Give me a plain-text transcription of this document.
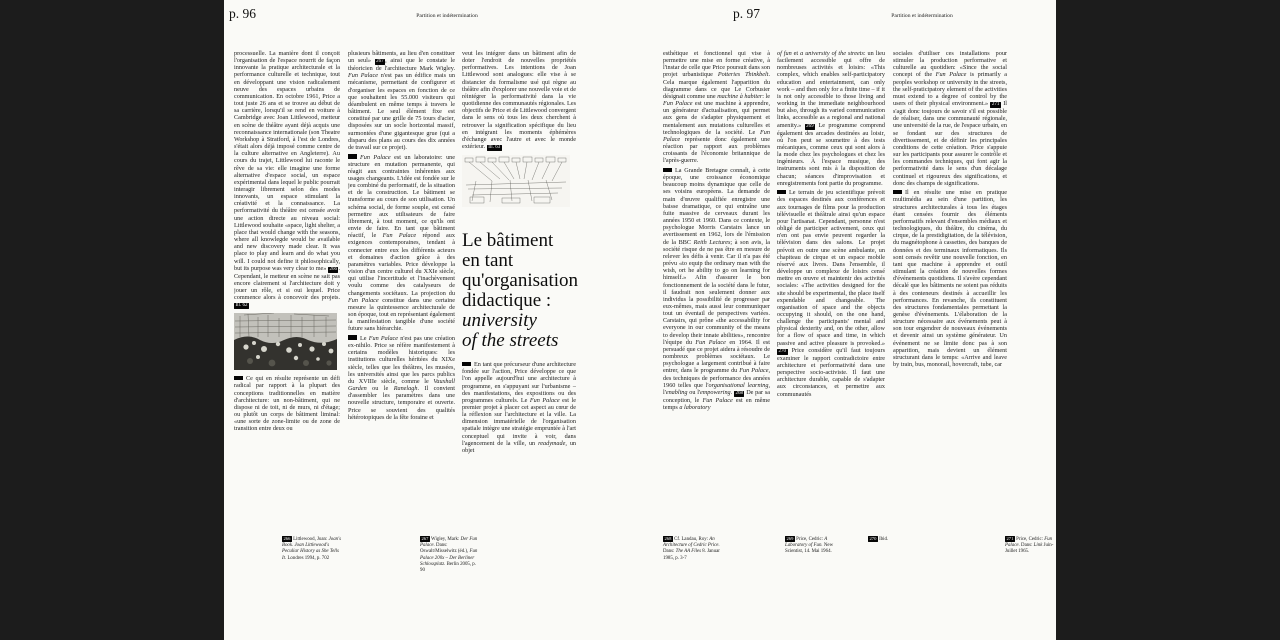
p. 96	Partition et indétermination
processuelle. La manière dont il conçoit l'organisation de l'espace nourrit de façon innovante la pratique architecturale et la performance culturelle et technique, tout en développant une vision radicalement neuve des espaces urbains de communication. En octobre 1961, Price a tout juste 26 ans et se trouve au début de sa carrière, lorsqu'il se rend en voiture à Cambridge avec Joan Littlewood, metteur en scène de théâtre ayant déjà acquis une reconnaissance internationale (son Theatre Workshop à Stratford, à l'est de Londres, s'était alors déjà imposé comme centre de la culture alternative en Angleterre). Au cours du trajet, Littlewood lui raconte le rêve de sa vie: elle imagine une forme alternative d'espace social, un espace expérimental dans lequel le public pourrait interagir librement selon des modes innovants, un espace stimulant la créativité et la connaissance. La performativité du théâtre est censée avoir une action directe au niveau social: Littlewood souhaite «space, light shelter, a place that would change with the seasons, where all knowlegde would be available and new discovery made clear. It was place to play and learn and do what you will. I could not define it philosophically, but its purpose was very clear to me» 266 . Cependant, le metteur en scène ne sait pas encore clairement si l'architecture doit y jouer un rôle, et si oui lequel. Price commence alors à concevoir des projets. Ill. 62
Ce qui en résulte représente un défi radical par rapport à la plupart des conceptions traditionnelles en matière d'architecture: un non-bâtiment, qui ne dispose ni de toit, ni de murs, ni d'étage; ou plutôt un corps de bâtiment liminal: «une sorte de zone-limite ou de zone de transition entre deux ou
plusieurs bâtiments, au lieu d'en constituer un seul» 267 , ainsi que le constate le théoricien de l'architecture Mark Wigley. Fun Palace n'est pas un édifice mais un mécanisme, permettant de configurer et d'organiser les espaces en fonction de ce que souhaitent les 55.000 visiteurs qui déambulent en même temps à travers le bâtiment. Le seul élément fixe est constitué par une grille de 75 tours d'acier, disposées sur un socle horizontal massif, surmontées d'une gigantesque grue (qui a disparu des plans au cours des dix années de travail sur ce projet).
Fun Palace est un laboratoire: une structure en mutation permanente, qui réagit aux contraintes inhérentes aux usages changeants. L'idée est fondée sur le jeu combiné du performatif, de la situation et de la construction. Le bâtiment se transforme au cours de son utilisation. Un schéma social, de forme souple, est censé permettre aux utilisateurs de faire librement, à tout moment, ce qu'ils ont envie de faire. En tant que bâtiment réactif, le Fun Palace répond aux exigences contemporaines, tendant à connecter entre eux les différents acteurs et domaines d'action grâce à des paramètres variables. Price développe la vision d'un centre culturel du XXIe siècle, qui utilise l'incertitude et l'inachèvement voulu comme des catalyseurs de changements sociétaux. La projection du Fun Palace constitue dans une certaine mesure la quintessence architecturale de son époque, tout en représentant également la manifestation tangible d'une société future sans hiérarchie.
Le Fun Palace n'est pas une création ex-nihilo. Price se réfère manifestement à certains modèles historiques: les institutions culturelles héritées du XIXe siècle, telles que les théâtres, les musées, les universités ainsi que les parcs publics du XVIIIe siècle, comme le Vauxhall Garden ou le Ranelagh. Il convient d'assembler les paramètres dans une nouvelle structure, temporaire et ouverte. Price se souvient des qualités hétérotopiques de la fête foraine et
veut les intégrer dans un bâtiment afin de doter l'endroit de nouvelles propriétés performatives. Les intentions de Joan Littlewood sont analogues: elle vise à se distancier du formalisme usé qui règne au théâtre afin d'explorer une nouvelle voie et de réintégrer la performativité dans la vie quotidienne des communautés régionales. Les objectifs de Price et de Littlewood convergent dans le sens où tous les deux cherchent à retrouver la signification spécifique du lieu en intégrant les moments éphémères d'échange avec l'autre et avec le monde extérieur. Ill. 63
Le bâtiment
en tant
qu'organisation
didactique :
university
of the streets
En tant que précurseur d'une architecture fondée sur l'action, Price développe ce que l'on appelle aujourd'hui une architecture à programme, en s'appuyant sur l'urbanisme – des manifestations, des expositions ou des programmes culturels. Le Fun Palace est le premier projet à placer cet aspect au cœur de la réflexion sur l'architecture et la ville. La dimension immatérielle de l'organisation spatiale intègre une stratégie empruntée à l'art conceptuel qui invite à voir, dans l'agencement de la ville, un readymade, un objet
266 Littlewood, Joan: Joan's Book. Joan Littlewood's Peculiar History as She Tells It. Londres 1994, p. 702
267 Wigley, Mark: Der Fun Palace. Dans: Oswalt/Misselwitz (éd.), Fun Palace 200x – Der Berliner Schlossplatz. Berlin 2005, p. 90
p. 97	Partition et indétermination
esthétique et fonctionnel qui vise à permettre une mise en forme créative, à l'instar de celle que Price poursuit dans son projet urbanistique Potteries Thinkbelt. Cela marque également l'apparition du diagramme dans ce que Le Corbusier désignait comme une machine à habiter: le Fun Palace est une machine à apprendre, un générateur d'actualisation, qui permet aux gens de s'adapter physiquement et mentalement aux mutations culturelles et technologiques de la société. Le Fun Palace représente donc également une réaction par rapport aux problèmes croissants de l'économie britannique de l'après-guerre.
La Grande Bretagne connaît, à cette époque, une croissance économique beaucoup moins dynamique que celle de ses voisins européens. La demande de main d'œuvre qualifiée enregistre une baisse dramatique, ce qui entraîne une fuite massive de cerveaux durant les années 1950 et 1960. Dans ce contexte, le psychologue Morris Carstairs lance un avertissement en 1962, lors de l'émission de la BBC Reith Lectures; à son avis, la société risque de ne pas être en mesure de relever les défis à venir. Car il n'a pas été prévu «to equip the ordinary man with the wish, ort he ability to go on learning for himself.» Afin d'assurer le bon fonctionnement de la société dans le futur, il faudrait non seulement donner aux individus la possibilité de progresser par eux-mêmes, mais aussi leur communiquer tout un éventail de perspectives variées. Carstairs, qui prône «the accessability for everyone in our community of the means to develop their innate abilities», rencontre l'équipe du Fun Palace en 1964. Il est persuadé que ce projet aidera à résoudre de nombreux problèmes sociétaux. Le psychologue a largement contribué à faire entrer, dans le programme du Fun Palace, des techniques de performance des années 1960 telles que l'organisational learning, l'enabling ou l'empowering. 268 De par sa conception, le Fun Palace est en même temps a laboratory
of fun et a university of the streets: un lieu facilement accessible qui offre de nombreuses activités et loisirs: «This complex, which enables self-participatory education and entertainment, can only work – and then only for a finite time – if it is not only accessible to those living and working in the immediate neighbourhood but also, through its varied communication links, accessible as a regional and national amenity.» 269 Le programme comprend également des arcades destinées au loisir, où l'on peut se soumettre à des tests mécaniques, comme ceux qui sont alors à la mode chez les psychologues et chez les ingénieurs. À l'espace musique, des instruments sont mis à la disposition de chacun; séances d'improvisation et enregistrements font partie du programme.
Le terrain de jeu scientifique prévoit des espaces destinés aux conférences et aux tournages de films pour la production télévisuelle et théâtrale ainsi qu'un espace pour l'artisanat. Cependant, personne n'est obligé de participer activement, ceux qui n'en ont pas envie peuvent regarder la télévision dans des salons. Le projet prévoit en outre une scène ambulante, un chapiteau de cirque et un espace mobile réservé aux livres. Dans l'ensemble, il développe un complexe de loisirs censé mettre en œuvre et maintenir des activités sociales: «The activities designed for the site should be experimental, the place itself expendable and changeable. The organisation of space and the objects occupying it should, on the one hand, challenge the participants' mental and physical dexterity and, on the other, allow for a flow of space and time, in which passive and active pleasure is provoked.» 270 Price considère qu'il faut toujours examiner le rapport contradictoire entre architecture et performativité dans une perspective socio-activiste. Il faut une architecture durable, capable de s'adapter aux circonstances, et permettre aux communautés
sociales d'utiliser ces installations pour stimuler la production performative et culturelle au quotidien: «Since the social concept of the Fun Palace is primarily a peoples workshop or university in the streets, the self-praticipatory element of the activities must extend to a degree of control by the users of their physical environment.» 271 Il s'agit donc toujours de savoir s'il est possible de réaliser, dans une communauté régionale, une université de la rue, de l'espace urbain, en se fondant sur des structures de divertissement, et de définir les principales conditions de cette création. Price s'appuie sur les participants pour assurer le contrôle et les commandes techniques, qui font agir la performativité dans le sens d'un décalage continuel et rigoureux des significations, et donc des champs de significations.
Il en résulte une mise en pratique multimédia au sein d'une partition, les structures architecturales à tous les étages étant censées fournir des éléments performatifs relevant d'ensembles médiaux et technologiques, du théâtre, du cinéma, du cirque, de la prestidigitation, de la télévision, du magnétophone à cassettes, des banques de données et des terminaux informatiques. Ils sont censés revêtir une nouvelle fonction, en tant que machine à apprendre et outil stimulant la création de nouvelles formes d'événements quotidiens. Il s'avère cependant décalé que les bâtiments ne soient pas réduits à des conteneurs destinés à accueillir les performances. En revanche, ils constituent des structures fondamentales permettant la genèse d'événements. L'élaboration de la structure nécessaire aux événements peut à son tour engendrer de nouveaux événements et devenir ainsi un système générateur. Un événement ne se limite donc pas à son apparition, mais devient un élément structurant dans le temps: «Arrive and leave by train, bus, monorail, hovercraft, tube, car
268 Cf. Landau, Roy: An Architecture of Cedric Price. Dans: The AA Files 8. Januar 1985, p. 3-7
269 Price, Cedric: A Laboratory of Fun. New Scientist, 14. Mai 1964.
270 Ibid.	271 Price, Cedric: Fun Palace. Dans: Link Juin-Juillet 1965.
